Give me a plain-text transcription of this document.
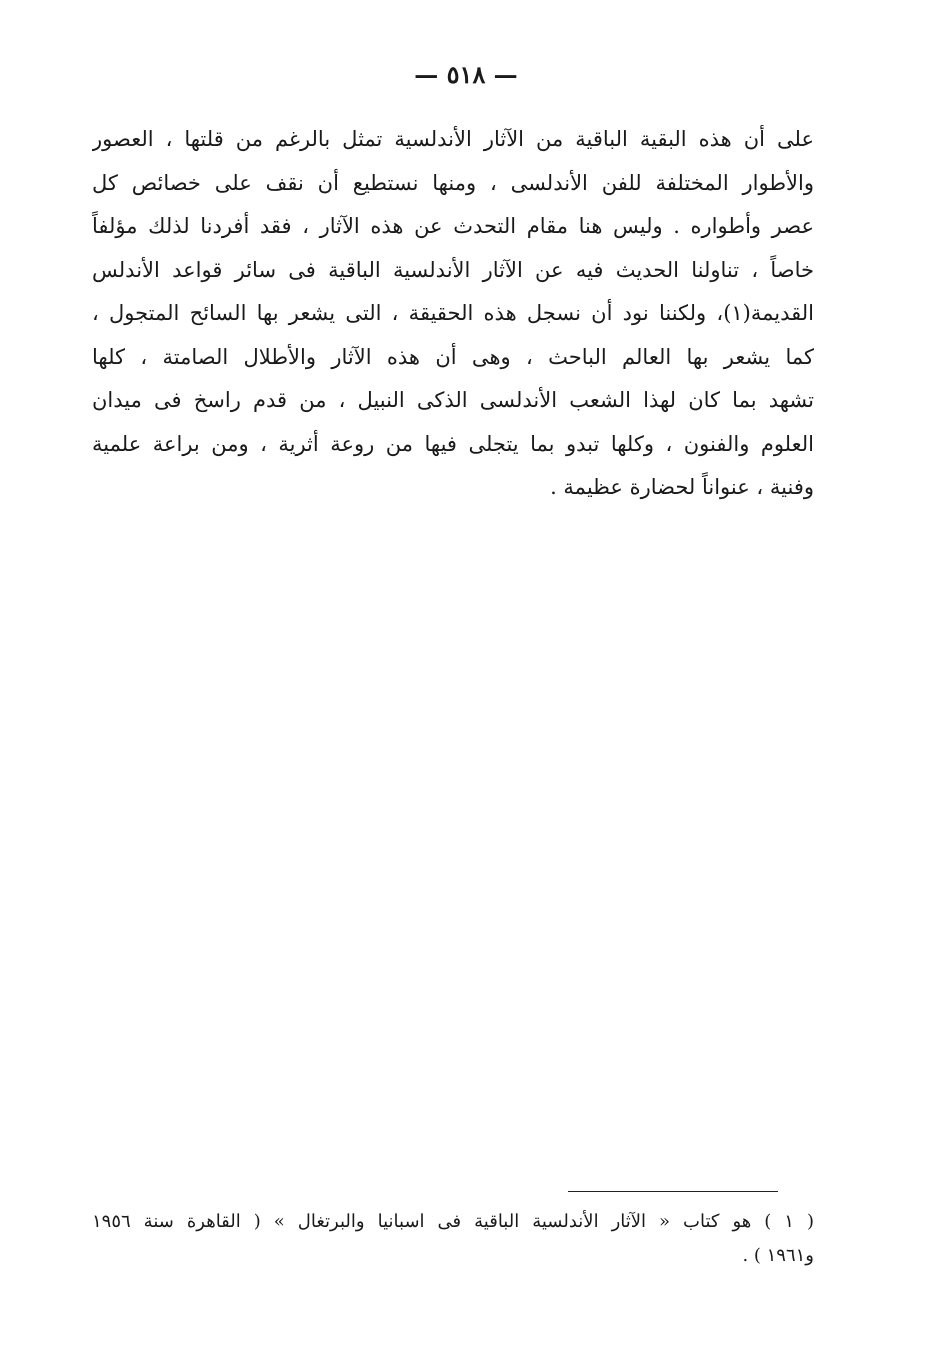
— ٥١٨ —
على أن هذه البقية الباقية من الآثار الأندلسية تمثل بالرغم من قلتها ، العصور
والأطوار المختلفة للفن الأندلسى ، ومنها نستطيع أن نقف على خصائص كل
عصر وأطواره . وليس هنا مقام التحدث عن هذه الآثار ، فقد أفردنا لذلك مؤلفاً
خاصاً ، تناولنا الحديث فيه عن الآثار الأندلسية الباقية فى سائر قواعد الأندلس
القديمة(١)، ولكننا نود أن نسجل هذه الحقيقة ، التى يشعر بها السائح المتجول ،
كما يشعر بها العالم الباحث ، وهى أن هذه الآثار والأطلال الصامتة ، كلها
تشهد بما كان لهذا الشعب الأندلسى الذكى النبيل ، من قدم راسخ فى ميدان
العلوم والفنون ، وكلها تبدو بما يتجلى فيها من روعة أثرية ، ومن براعة علمية
وفنية ، عنواناً لحضارة عظيمة .
( ١ ) هو كتاب « الآثار الأندلسية الباقية فى اسبانيا والبرتغال » ( القاهرة سنة ١٩٥٦
و١٩٦١ ) .
